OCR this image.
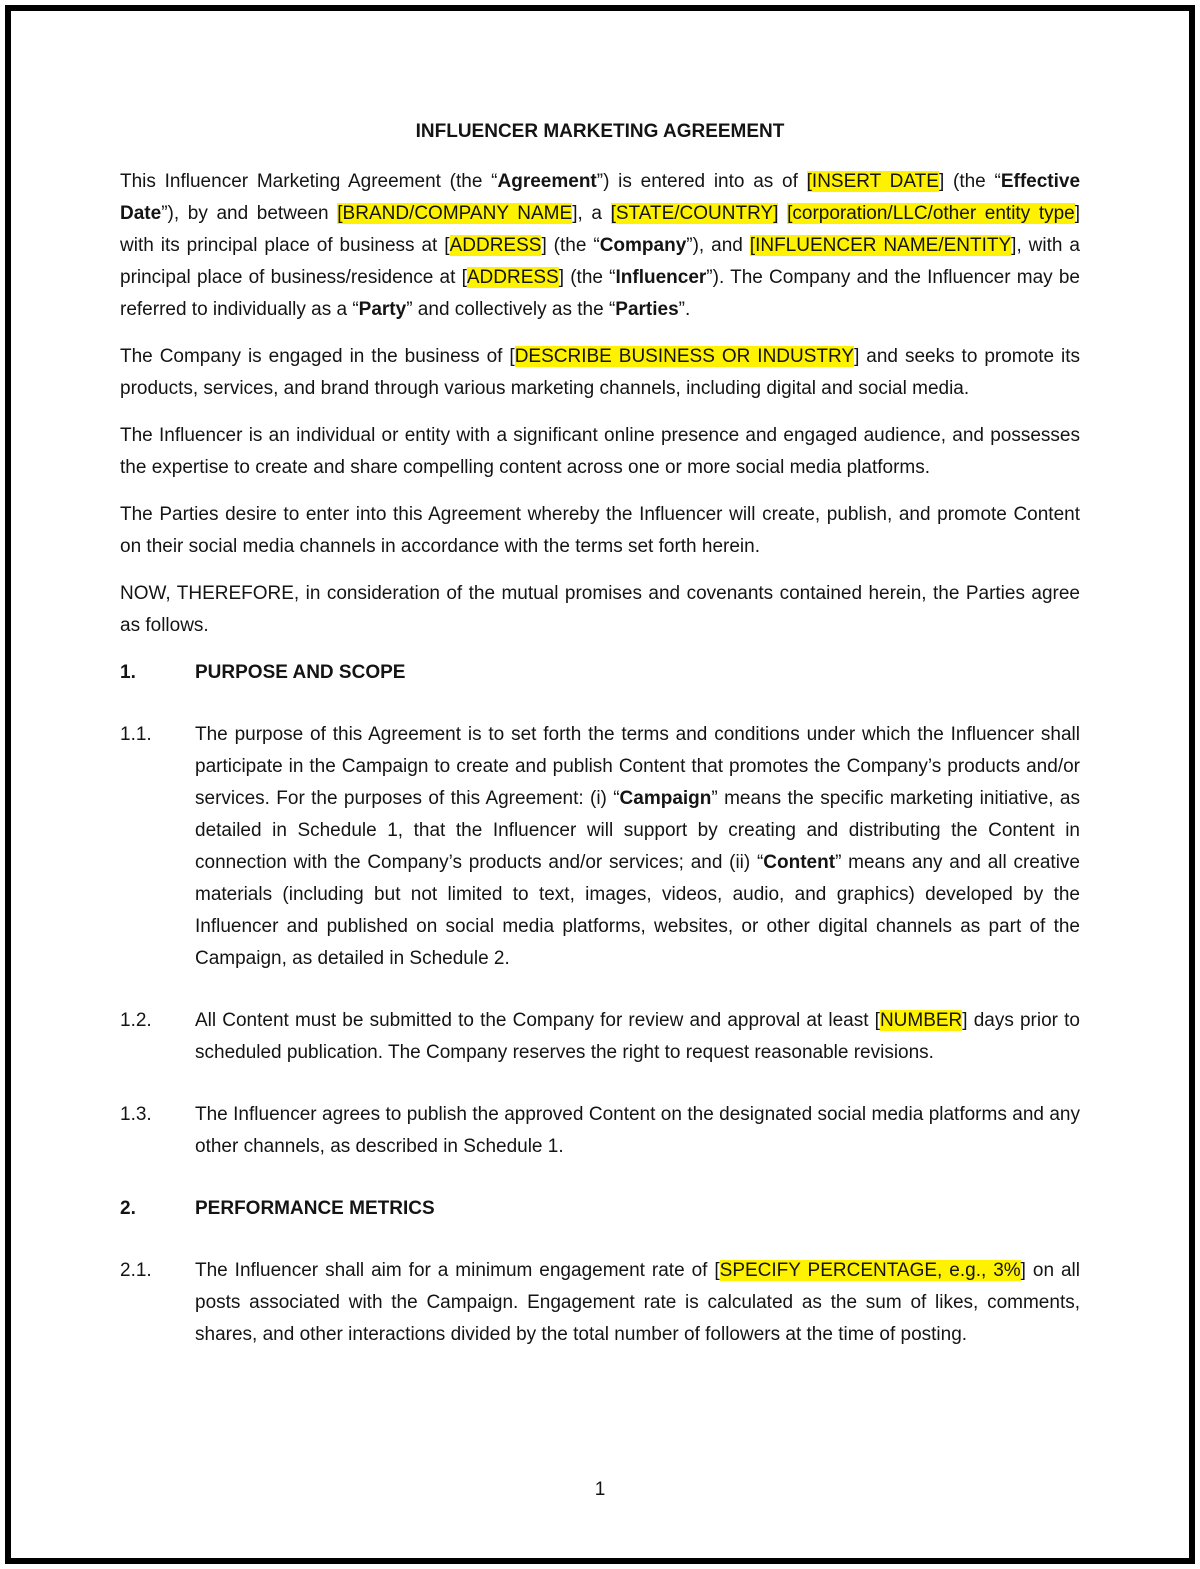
INFLUENCER MARKETING AGREEMENT
This Influencer Marketing Agreement (the “Agreement”) is entered into as of [INSERT DATE] (the “Effective Date”), by and between [BRAND/COMPANY NAME], a [STATE/COUNTRY] [corporation/LLC/other entity type] with its principal place of business at [ADDRESS] (the “Company”), and [INFLUENCER NAME/ENTITY], with a principal place of business/residence at [ADDRESS] (the “Influencer”). The Company and the Influencer may be referred to individually as a “Party” and collectively as the “Parties”.
The Company is engaged in the business of [DESCRIBE BUSINESS OR INDUSTRY] and seeks to promote its products, services, and brand through various marketing channels, including digital and social media.
The Influencer is an individual or entity with a significant online presence and engaged audience, and possesses the expertise to create and share compelling content across one or more social media platforms.
The Parties desire to enter into this Agreement whereby the Influencer will create, publish, and promote Content on their social media channels in accordance with the terms set forth herein.
NOW, THEREFORE, in consideration of the mutual promises and covenants contained herein, the Parties agree as follows.
1.	PURPOSE AND SCOPE
1.1. The purpose of this Agreement is to set forth the terms and conditions under which the Influencer shall participate in the Campaign to create and publish Content that promotes the Company’s products and/or services. For the purposes of this Agreement: (i) “Campaign” means the specific marketing initiative, as detailed in Schedule 1, that the Influencer will support by creating and distributing the Content in connection with the Company’s products and/or services; and (ii) “Content” means any and all creative materials (including but not limited to text, images, videos, audio, and graphics) developed by the Influencer and published on social media platforms, websites, or other digital channels as part of the Campaign, as detailed in Schedule 2.
1.2. All Content must be submitted to the Company for review and approval at least [NUMBER] days prior to scheduled publication. The Company reserves the right to request reasonable revisions.
1.3. The Influencer agrees to publish the approved Content on the designated social media platforms and any other channels, as described in Schedule 1.
2.	PERFORMANCE METRICS
2.1. The Influencer shall aim for a minimum engagement rate of [SPECIFY PERCENTAGE, e.g., 3%] on all posts associated with the Campaign. Engagement rate is calculated as the sum of likes, comments, shares, and other interactions divided by the total number of followers at the time of posting.
1
